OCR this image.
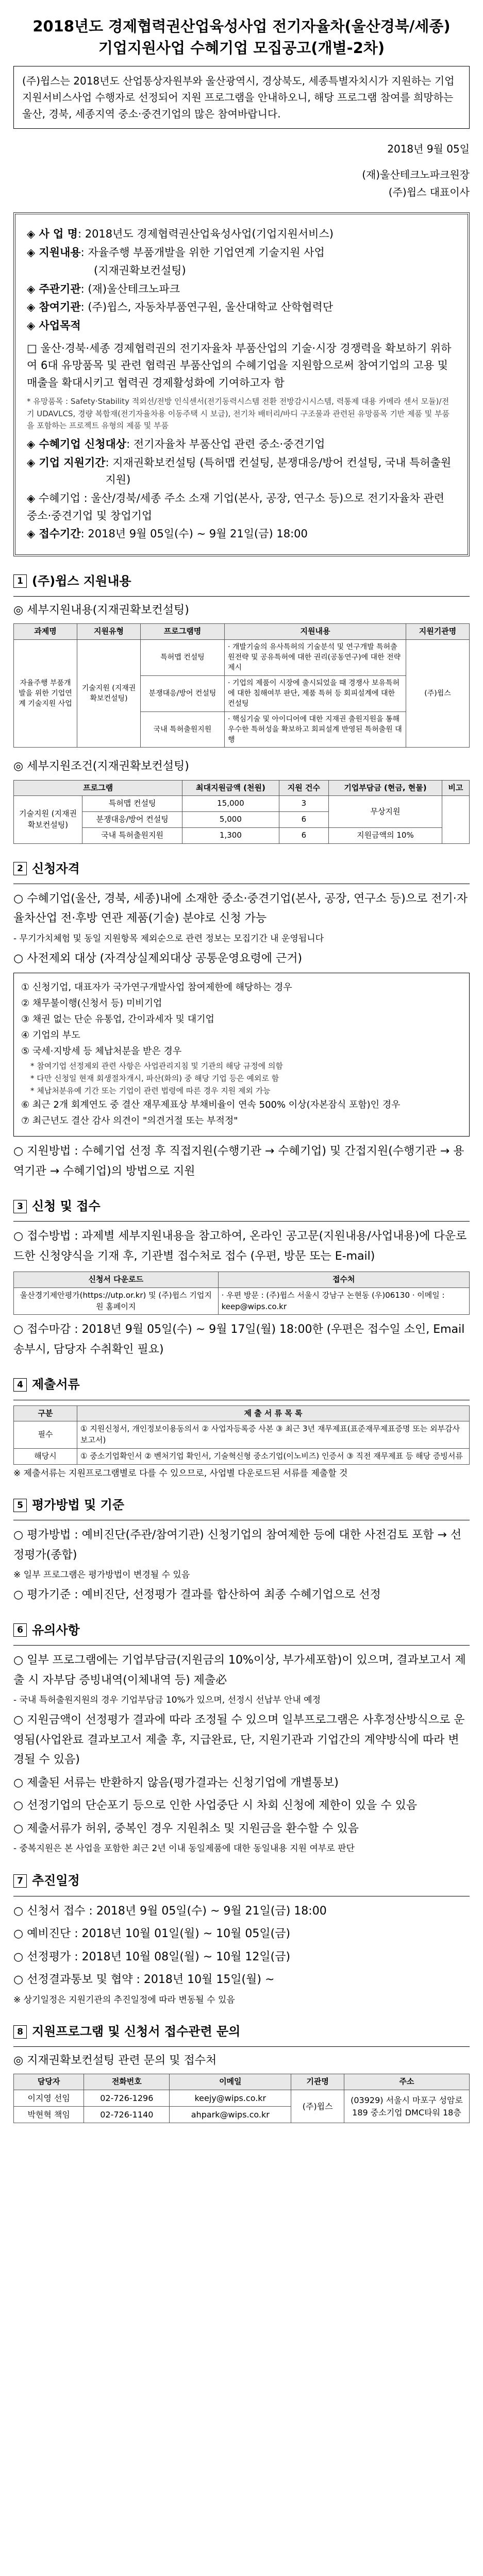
2018년도 경제협력권산업육성사업 전기자율차(울산경북/세종)
기업지원사업 수혜기업 모집공고(개별-2차)
(주)윕스는 2018년도 산업통상자원부와 울산광역시, 경상북도, 세종특별자치시가 지원하는 기업지원서비스사업 수행자로 선정되어 지원 프로그램을 안내하오니, 해당 프로그램 참여를 희망하는 울산, 경북, 세종지역 중소·중견기업의 많은 참여바랍니다.
2018년 9월 05일
(재)울산테크노파크원장
(주)윕스 대표이사
◈ 사 업 명 : 2018년도 경제협력권산업육성사업(기업지원서비스)
◈ 지원내용 : 자율주행 부품개발을 위한 기업연계 기술지원 사업
(지재권확보컨설팅)
◈ 주관기관 : (재)울산테크노파크
◈ 참여기관 : (주)윕스, 자동차부품연구원, 울산대학교 산학협력단
◈ 사업목적
□ 울산·경북·세종 경제협력권의 전기자율차 부품산업의 기술·시장 경쟁력을 확보하기 위하여 6대 유망품목 및 관련 협력권 부품산업의 수혜기업을 지원함으로써 참여기업의 고용 및 매출을 확대시키고 협력권 경제활성화에 기여하고자 함
* 유망품목 : Safety·Stability 적외선/전방 인식센서(전기동력시스템 전환 전방감시시스템, 력통제 대용 카메라 센서 모듈)/전기 UDAVLCS, 경량 복합재(전기자율차용 이동주택 시 보급), 전기차 배터리/바디 구조물과 관련된 유망품목 기반 제품 및 부품을 포함하는 프로젝트 유형의 제품 및 부품
◈ 수혜기업 신청대상 : 전기자율차 부품산업 관련 중소·중견기업
◈ 기업 지원기간 : 지재권확보컨설팅 (특허맵 컨설팅, 분쟁대응/방어 컨설팅, 국내 특허출원지원)
◈ 수혜기업 : 울산/경북/세종 주소 소재 기업(본사, 공장, 연구소 등)으로 전기자율차 관련 중소·중견기업 및 창업기업
◈ 접수기간 : 2018년 9월 05일(수) ~ 9월 21일(금) 18:00
1 (주)윕스 지원내용
◎ 세부지원내용(지재권확보컨설팅)
과제명	지원유형	프로그램명	지원내용	지원기관명
자율주행 부품개발을 위한 기업연계 기술지원 사업	기술지원 (지재권확보컨설팅)	특허맵 컨설팅	· 개발기술의 유사특허의 기술분석 및 연구개발 특허출원전략 및 공유특허에 대한 권리(공동연구)에 대한 전략제시	(주)윕스
		분쟁대응/방어 컨설팅	· 기업의 제품이 시장에 출시되었을 때 경쟁사 보유특허에 대한 침해여부 판단, 제품 특허 등 회피설계에 대한 컨설팅	
		국내 특허출원지원	· 핵심기술 및 아이디어에 대한 지재권 출원지원을 통해 우수한 특허성을 확보하고 회피설계 반영된 특허출원 대행	
◎ 세부지원조건(지재권확보컨설팅)
프로그램		최대지원금액 (천원)	지원 건수	기업부담금 (현금, 현물)	비고
기술지원 (지재권확보컨설팅)	특허맵 컨설팅	15,000	3	무상지원	
	분쟁대응/방어 컨설팅	5,000	6		
	국내 특허출원지원	1,300	6	지원금액의 10%	
2 신청자격
○ 수혜기업(울산, 경북, 세종)내에 소재한 중소·중견기업(본사, 공장, 연구소 등)으로 전기·자율차산업 전·후방 연관 제품(기술) 분야로 신청 가능
- 무기가치체험 및 동일 지원항목 제외순으로 관련 정보는 모집기간 내 운영됩니다
○ 사전제외 대상 (자격상실제외대상 공통운영요령에 근거)
① 신청기업, 대표자가 국가연구개발사업 참여제한에 해당하는 경우
② 채무불이행(신청서 등) 미비기업
③ 채권 없는 단순 유통업, 간이과세자 및 대기업
④ 기업의 부도
⑤ 국세·지방세 등 체납처분을 받은 경우
* 참여기업 선정제외 관련 사항은 사업관리지침 및 기관의 해당 규정에 의함
* 다만 신청일 현재 회생절차개시, 파산(화의) 중 해당 기업 등은 예외로 함
* 체납처분유예 기간 또는 기업이 관련 법령에 따른 경우 지원 제외 가능
⑥ 최근 2개 회계연도 중 결산 재무제표상 부채비율이 연속 500% 이상(자본잠식 포함)인 경우
⑦ 최근년도 결산 감사 의견이 "의견거절 또는 부적정"
○ 지원방법 : 수혜기업 선정 후 직접지원(수행기관 → 수혜기업) 및 간접지원(수행기관 → 용역기관 → 수혜기업)의 방법으로 지원
3 신청 및 접수
○ 접수방법 : 과제별 세부지원내용을 참고하여, 온라인 공고문(지원내용/사업내용)에 다운로드한 신청양식을 기재 후, 기관별 접수처로 접수 (우편, 방문 또는 E-mail)
신청서 다운로드	접수처
울산경기제안평가(https://utp.or.kr) 및 (주)윕스 기업지원 홈페이지	· 우편 방문 : (주)윕스 서울시 강남구 논현동 (우)06130 · 이메일 : keep@wips.co.kr
○ 접수마감 : 2018년 9월 05일(수) ~ 9월 17일(월) 18:00한 (우편은 접수일 소인, Email 송부시, 담당자 수취확인 필요)
4 제출서류
구분	제 출 서 류 목 록
필수	① 지원신청서, 개인정보이용동의서 ② 사업자등록증 사본 ③ 최근 3년 재무제표(표준재무제표증명 또는 외부감사보고서)
해당시	① 중소기업확인서 ② 벤처기업 확인서, 기술혁신형 중소기업(이노비즈) 인증서 ③ 직전 재무제표 등 해당 증빙서류
※ 제출서류는 지원프로그램별로 다를 수 있으므로, 사업별 다운로드된 서류를 제출할 것
5 평가방법 및 기준
○ 평가방법 : 예비진단(주관/참여기관) 신청기업의 참여제한 등에 대한 사전검토 포함 → 선정평가(종합)
※ 일부 프로그램은 평가방법이 변경될 수 있음
○ 평가기준 : 예비진단, 선정평가 결과를 합산하여 최종 수혜기업으로 선정
6 유의사항
○ 일부 프로그램에는 기업부담금(지원금의 10%이상, 부가세포함)이 있으며, 결과보고서 제출 시 자부담 증빙내역(이체내역 등) 제출必
- 국내 특허출원지원의 경우 기업부담금 10%가 있으며, 선정시 선납부 안내 예정
○ 지원금액이 선정평가 결과에 따라 조정될 수 있으며 일부프로그램은 사후정산방식으로 운영됨(사업완료 결과보고서 제출 후, 지급완료, 단, 지원기관과 기업간의 계약방식에 따라 변경될 수 있음)
○ 제출된 서류는 반환하지 않음(평가결과는 신청기업에 개별통보)
○ 선정기업의 단순포기 등으로 인한 사업중단 시 차회 신청에 제한이 있을 수 있음
○ 제출서류가 허위, 중복인 경우 지원취소 및 지원금을 환수할 수 있음
- 중복지원은 본 사업을 포함한 최근 2년 이내 동일제품에 대한 동일내용 지원 여부로 판단
7 추진일정
○ 신청서 접수 : 2018년 9월 05일(수) ~ 9월 21일(금) 18:00
○ 예비진단 : 2018년 10월 01일(월) ~ 10월 05일(금)
○ 선정평가 : 2018년 10월 08일(월) ~ 10월 12일(금)
○ 선정결과통보 및 협약 : 2018년 10월 15일(월) ~
※ 상기일정은 지원기관의 추진일정에 따라 변동될 수 있음
8 지원프로그램 및 신청서 접수관련 문의
◎ 지재권확보컨설팅 관련 문의 및 접수처
담당자	전화번호	이메일	기관명	주소
이지영 선임	02-726-1296	keejy@wips.co.kr	(주)윕스	(03929) 서울시 마포구 성암로 189 중소기업 DMC타워 18층
박현혁 책임	02-726-1140	ahpark@wips.co.kr		
